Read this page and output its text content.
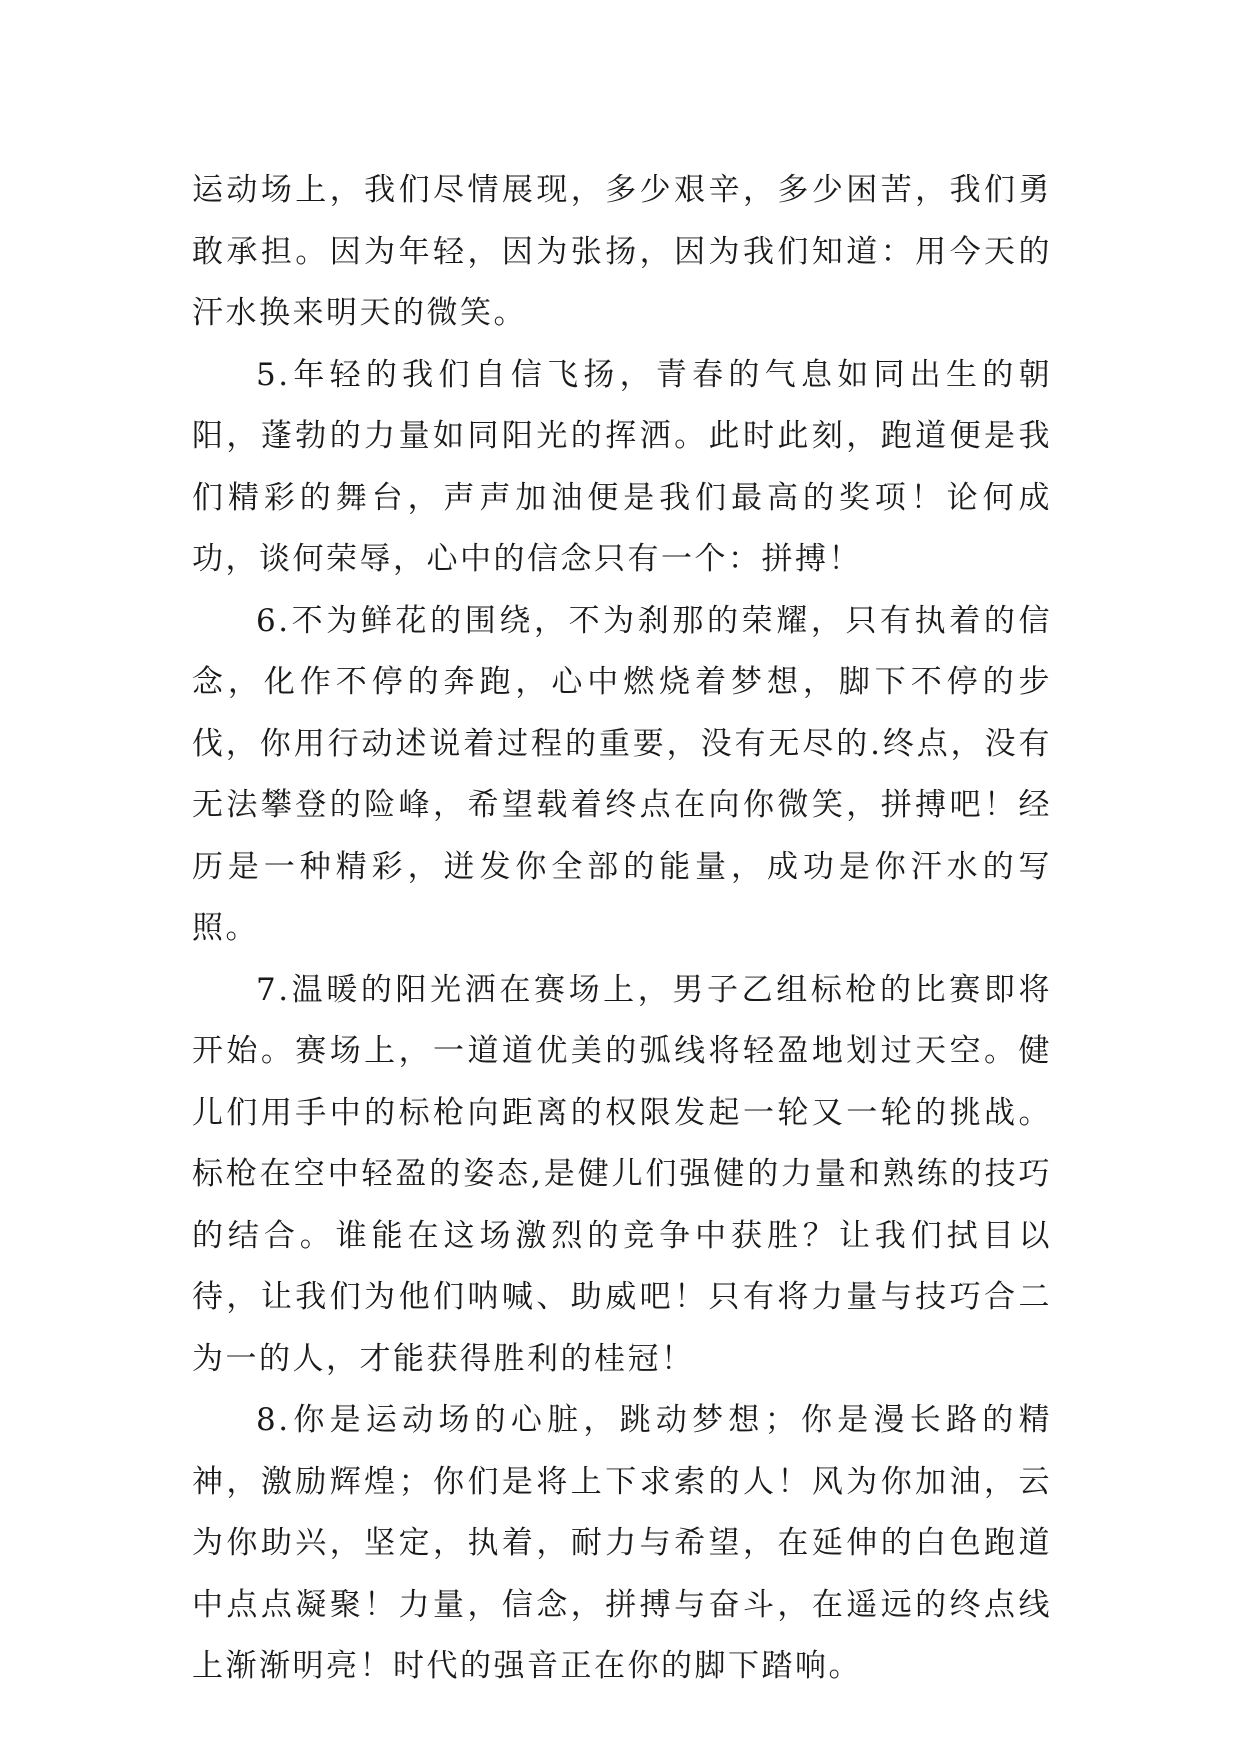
运动场上，我们尽情展现，多少艰辛，多少困苦，我们勇敢承担。因为年轻，因为张扬，因为我们知道：用今天的汗水换来明天的微笑。

5.年轻的我们自信飞扬，青春的气息如同出生的朝阳，蓬勃的力量如同阳光的挥洒。此时此刻，跑道便是我们精彩的舞台，声声加油便是我们最高的奖项！论何成功，谈何荣辱，心中的信念只有一个：拼搏！

6.不为鲜花的围绕，不为刹那的荣耀，只有执着的信念，化作不停的奔跑，心中燃烧着梦想，脚下不停的步伐，你用行动述说着过程的重要，没有无尽的.终点，没有无法攀登的险峰，希望载着终点在向你微笑，拼搏吧！经历是一种精彩，迸发你全部的能量，成功是你汗水的写照。

7.温暖的阳光洒在赛场上，男子乙组标枪的比赛即将开始。赛场上，一道道优美的弧线将轻盈地划过天空。健儿们用手中的标枪向距离的权限发起一轮又一轮的挑战。标枪在空中轻盈的姿态,是健儿们强健的力量和熟练的技巧的结合。谁能在这场激烈的竞争中获胜？让我们拭目以待，让我们为他们呐喊、助威吧！只有将力量与技巧合二为一的人，才能获得胜利的桂冠！

8.你是运动场的心脏，跳动梦想；你是漫长路的精神，激励辉煌；你们是将上下求索的人！风为你加油，云为你助兴，坚定，执着，耐力与希望，在延伸的白色跑道中点点凝聚！力量，信念，拼搏与奋斗，在遥远的终点线上渐渐明亮！时代的强音正在你的脚下踏响。
